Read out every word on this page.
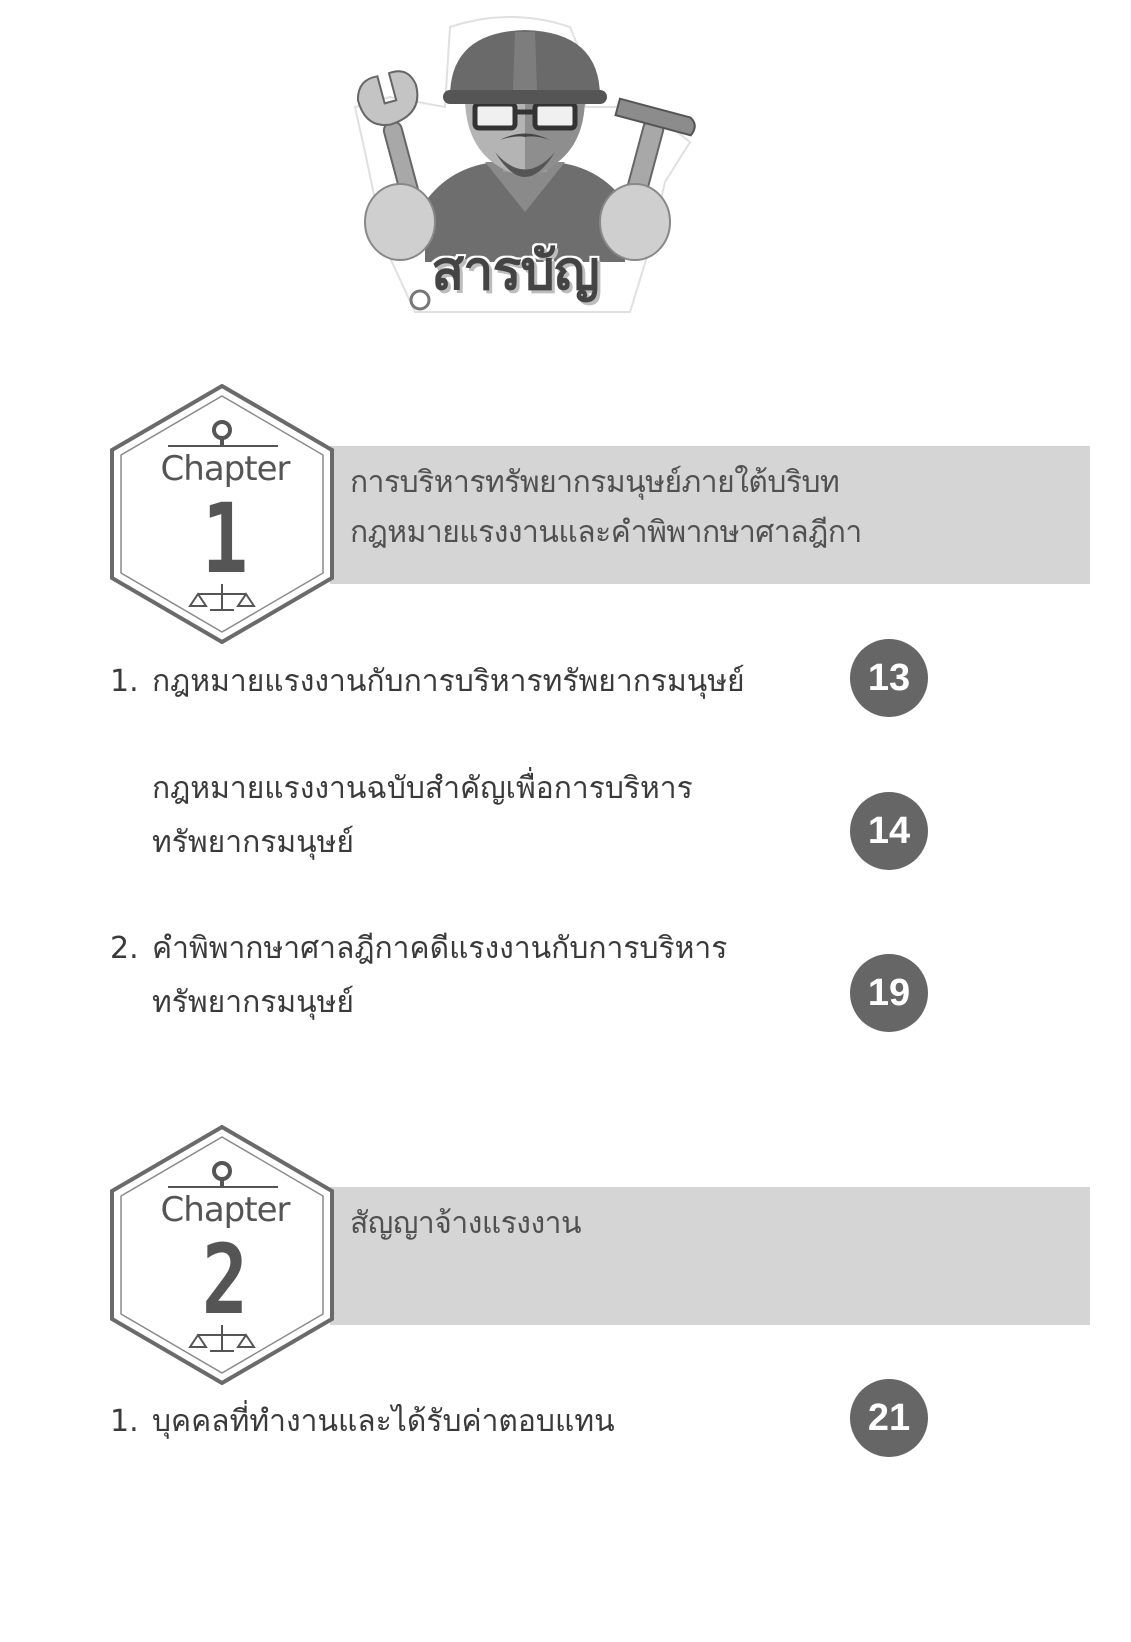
สารบัญ
การบริหารทรัพยากรมนุษย์ภายใต้บริบท
กฎหมายแรงงานและคำพิพากษาศาลฎีกา
Chapter
1
1. กฎหมายแรงงานกับการบริหารทรัพยากรมนุษย์	13
กฎหมายแรงงานฉบับสำคัญเพื่อการบริหาร
ทรัพยากรมนุษย์	14
2. คำพิพากษาศาลฎีกาคดีแรงงานกับการบริหาร
ทรัพยากรมนุษย์	19
สัญญาจ้างแรงงาน
Chapter
2
1. บุคคลที่ทำงานและได้รับค่าตอบแทน	21
